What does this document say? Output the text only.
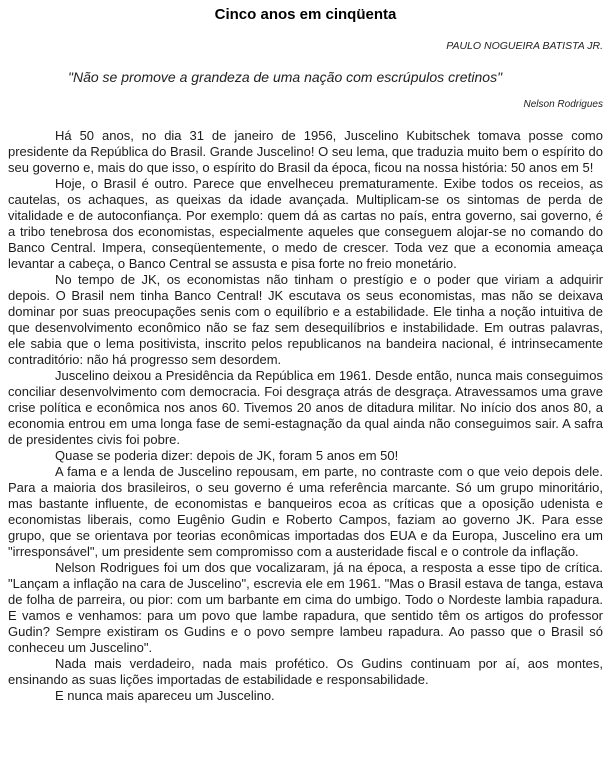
Cinco anos em cinqüenta
PAULO NOGUEIRA BATISTA JR.
"Não se promove a grandeza de uma nação com escrúpulos cretinos"
Nelson Rodrigues

Há 50 anos, no dia 31 de janeiro de 1956, Juscelino Kubitschek tomava posse como presidente da República do Brasil. Grande Juscelino! O seu lema, que traduzia muito bem o espírito do seu governo e, mais do que isso, o espírito do Brasil da época, ficou na nossa história: 50 anos em 5!

Hoje, o Brasil é outro. Parece que envelheceu prematuramente. Exibe todos os receios, as cautelas, os achaques, as queixas da idade avançada. Multiplicam-se os sintomas de perda de vitalidade e de autoconfiança. Por exemplo: quem dá as cartas no país, entra governo, sai governo, é a tribo tenebrosa dos economistas, especialmente aqueles que conseguem alojar-se no comando do Banco Central. Impera, conseqüentemente, o medo de crescer. Toda vez que a economia ameaça levantar a cabeça, o Banco Central se assusta e pisa forte no freio monetário.

No tempo de JK, os economistas não tinham o prestígio e o poder que viriam a adquirir depois. O Brasil nem tinha Banco Central! JK escutava os seus economistas, mas não se deixava dominar por suas preocupações senis com o equilíbrio e a estabilidade. Ele tinha a noção intuitiva de que desenvolvimento econômico não se faz sem desequilíbrios e instabilidade. Em outras palavras, ele sabia que o lema positivista, inscrito pelos republicanos na bandeira nacional, é intrinsecamente contraditório: não há progresso sem desordem.

Juscelino deixou a Presidência da República em 1961. Desde então, nunca mais conseguimos conciliar desenvolvimento com democracia. Foi desgraça atrás de desgraça. Atravessamos uma grave crise política e econômica nos anos 60. Tivemos 20 anos de ditadura militar. No início dos anos 80, a economia entrou em uma longa fase de semi-estagnação da qual ainda não conseguimos sair. A safra de presidentes civis foi pobre.

Quase se poderia dizer: depois de JK, foram 5 anos em 50!

A fama e a lenda de Juscelino repousam, em parte, no contraste com o que veio depois dele. Para a maioria dos brasileiros, o seu governo é uma referência marcante. Só um grupo minoritário, mas bastante influente, de economistas e banqueiros ecoa as críticas que a oposição udenista e economistas liberais, como Eugênio Gudin e Roberto Campos, faziam ao governo JK. Para esse grupo, que se orientava por teorias econômicas importadas dos EUA e da Europa, Juscelino era um "irresponsável", um presidente sem compromisso com a austeridade fiscal e o controle da inflação.

Nelson Rodrigues foi um dos que vocalizaram, já na época, a resposta a esse tipo de crítica. "Lançam a inflação na cara de Juscelino", escrevia ele em 1961. "Mas o Brasil estava de tanga, estava de folha de parreira, ou pior: com um barbante em cima do umbigo. Todo o Nordeste lambia rapadura. E vamos e venhamos: para um povo que lambe rapadura, que sentido têm os artigos do professor Gudin? Sempre existiram os Gudins e o povo sempre lambeu rapadura. Ao passo que o Brasil só conheceu um Juscelino".

Nada mais verdadeiro, nada mais profético. Os Gudins continuam por aí, aos montes, ensinando as suas lições importadas de estabilidade e responsabilidade.

E nunca mais apareceu um Juscelino.
